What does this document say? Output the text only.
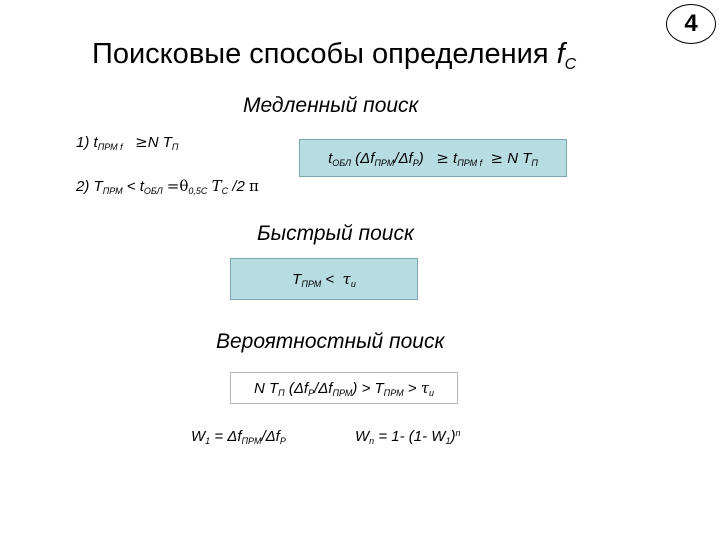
4
Поисковые способы определения $f_C$
Медленный поиск
1) $t_{ПРМ f} \ge N$ $T_П$
2) $T_{ПРМ} < t_{ОБЛ} =\theta_{0,5С}$ $T_C$ /2 π
$t_{ОБЛ}$ $(\Delta f_{ПРМ}/\Delta f_P) \ge t_{ПРМ f} \ge N$ $T_П$
Быстрый поиск
$T_{ПРМ} < \tau_и$
Вероятностный поиск
N $T_П$ $(\Delta f_P/\Delta f_{ПРМ}) > T_{ПРМ} > \tau_и$
$W_1 = \Delta f_{ПРМ}/\Delta f_P$	$W_n = 1-$ (1- $W_1)^n$
